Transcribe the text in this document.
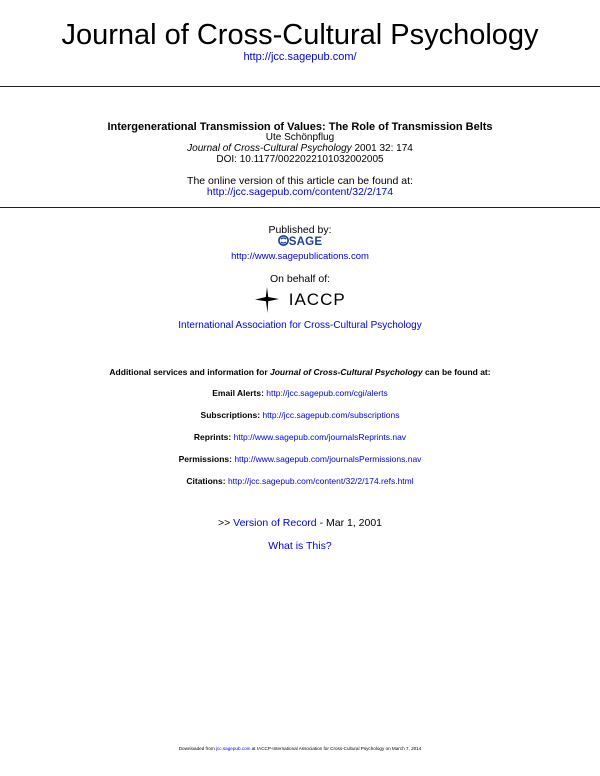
Journal of Cross-Cultural Psychology
http://jcc.sagepub.com/
Intergenerational Transmission of Values: The Role of Transmission Belts
Ute Schönpflug
Journal of Cross-Cultural Psychology 2001 32: 174
DOI: 10.1177/0022022101032002005
The online version of this article can be found at:
http://jcc.sagepub.com/content/32/2/174
Published by:
SAGE
http://www.sagepublications.com
On behalf of:
IACCP
International Association for Cross-Cultural Psychology
Additional services and information for Journal of Cross-Cultural Psychology can be found at:
Email Alerts: http://jcc.sagepub.com/cgi/alerts
Subscriptions: http://jcc.sagepub.com/subscriptions
Reprints: http://www.sagepub.com/journalsReprints.nav
Permissions: http://www.sagepub.com/journalsPermissions.nav
Citations: http://jcc.sagepub.com/content/32/2/174.refs.html
>> Version of Record - Mar 1, 2001
What is This?
Downloaded from jcc.sagepub.com at IACCP-International Association for Cross-Cultural Psychology on March 7, 2014
